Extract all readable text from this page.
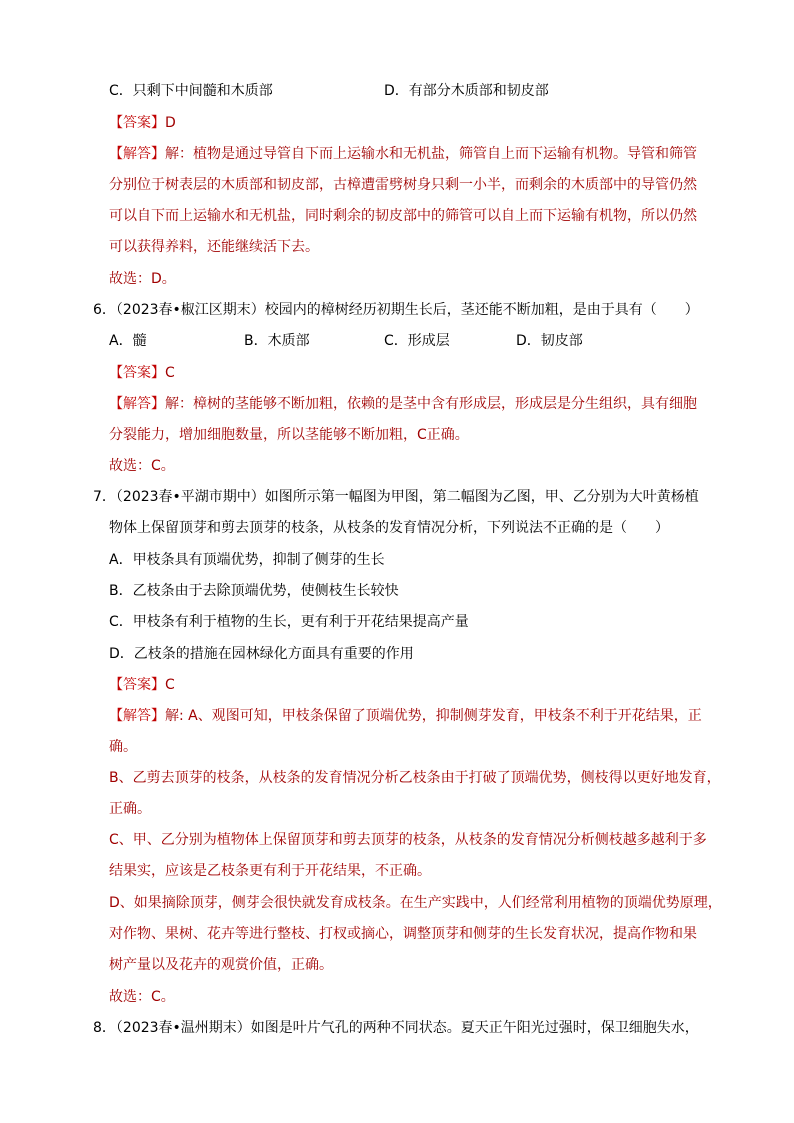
C．只剩下中间髓和木质部	D．有部分木质部和韧皮部
【答案】D
【解答】解：植物是通过导管自下而上运输水和无机盐，筛管自上而下运输有机物。导管和筛管
分别位于树表层的木质部和韧皮部，古樟遭雷劈树身只剩一小半，而剩余的木质部中的导管仍然
可以自下而上运输水和无机盐，同时剩余的韧皮部中的筛管可以自上而下运输有机物，所以仍然
可以获得养料，还能继续活下去。
故选：D。
6．（2023春•椒江区期末）校园内的樟树经历初期生长后，茎还能不断加粗，是由于具有（　　）
A．髓	B．木质部	C．形成层	D．韧皮部
【答案】C
【解答】解：樟树的茎能够不断加粗，依赖的是茎中含有形成层，形成层是分生组织，具有细胞
分裂能力，增加细胞数量，所以茎能够不断加粗，C正确。
故选：C。
7．（2023春•平湖市期中）如图所示第一幅图为甲图，第二幅图为乙图，甲、乙分别为大叶黄杨植
物体上保留顶芽和剪去顶芽的枝条，从枝条的发育情况分析，下列说法不正确的是（　　）
A．甲枝条具有顶端优势，抑制了侧芽的生长
B．乙枝条由于去除顶端优势，使侧枝生长较快
C．甲枝条有利于植物的生长，更有利于开花结果提高产量
D．乙枝条的措施在园林绿化方面具有重要的作用
【答案】C
【解答】解: A、观图可知，甲枝条保留了顶端优势，抑制侧芽发育，甲枝条不利于开花结果，正
确。
B、乙剪去顶芽的枝条，从枝条的发育情况分析乙枝条由于打破了顶端优势，侧枝得以更好地发育，
正确。
C、甲、乙分别为植物体上保留顶芽和剪去顶芽的枝条，从枝条的发育情况分析侧枝越多越利于多
结果实，应该是乙枝条更有利于开花结果，不正确。
D、如果摘除顶芽，侧芽会很快就发育成枝条。在生产实践中，人们经常利用植物的顶端优势原理，
对作物、果树、花卉等进行整枝、打杈或摘心，调整顶芽和侧芽的生长发育状况，提高作物和果
树产量以及花卉的观赏价值，正确。
故选：C。
8．（2023春•温州期末）如图是叶片气孔的两种不同状态。夏天正午阳光过强时，保卫细胞失水，
